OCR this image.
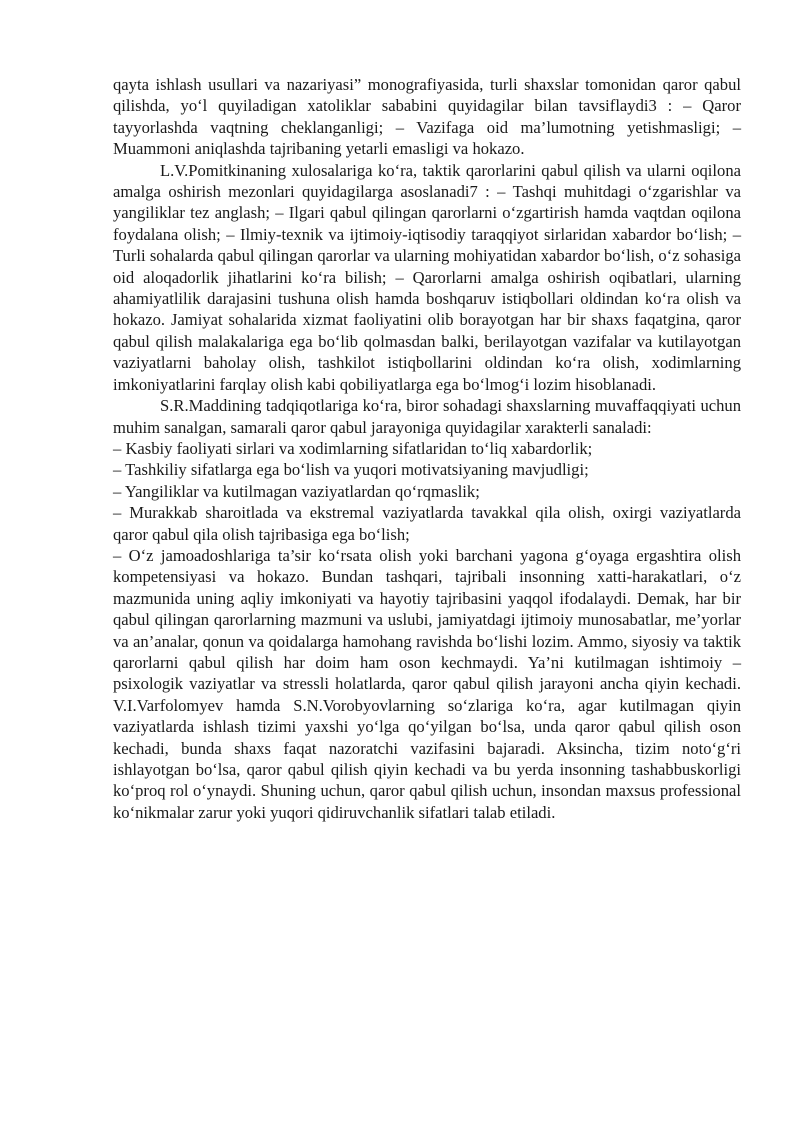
qayta ishlash usullari va nazariyasi” monografiyasida, turli shaxslar tomonidan qaror qabul qilishda, yo‘l quyiladigan xatoliklar sababini quyidagilar bilan tavsiflaydi3 : – Qaror tayyorlashda vaqtning cheklanganligi; – Vazifaga oid ma’lumotning yetishmasligi; – Muammoni aniqlashda tajribaning yetarli emasligi va hokazo.

L.V.Pomitkinaning xulosalariga ko‘ra, taktik qarorlarini qabul qilish va ularni oqilona amalga oshirish mezonlari quyidagilarga asoslanadi7 : – Tashqi muhitdagi o‘zgarishlar va yangiliklar tez anglash; – Ilgari qabul qilingan qarorlarni o‘zgartirish hamda vaqtdan oqilona foydalana olish; – Ilmiy-texnik va ijtimoiy-iqtisodiy taraqqiyot sirlaridan xabardor bo‘lish; – Turli sohalarda qabul qilingan qarorlar va ularning mohiyatidan xabardor bo‘lish, o‘z sohasiga oid aloqadorlik jihatlarini ko‘ra bilish; – Qarorlarni amalga oshirish oqibatlari, ularning ahamiyatlilik darajasini tushuna olish hamda boshqaruv istiqbollari oldindan ko‘ra olish va hokazo. Jamiyat sohalarida xizmat faoliyatini olib borayotgan har bir shaxs faqatgina, qaror qabul qilish malakalariga ega bo‘lib qolmasdan balki, berilayotgan vazifalar va kutilayotgan vaziyatlarni baholay olish, tashkilot istiqbollarini oldindan ko‘ra olish, xodimlarning imkoniyatlarini farqlay olish kabi qobiliyatlarga ega bo‘lmog‘i lozim hisoblanadi.

S.R.Maddining tadqiqotlariga ko‘ra, biror sohadagi shaxslarning muvaffaqqiyati uchun muhim sanalgan, samarali qaror qabul jarayoniga quyidagilar xarakterli sanaladi:

– Kasbiy faoliyati sirlari va xodimlarning sifatlaridan to‘liq xabardorlik;

– Tashkiliy sifatlarga ega bo‘lish va yuqori motivatsiyaning mavjudligi;

– Yangiliklar va kutilmagan vaziyatlardan qo‘rqmaslik;

– Murakkab sharoitlada va ekstremal vaziyatlarda tavakkal qila olish, oxirgi vaziyatlarda qaror qabul qila olish tajribasiga ega bo‘lish;

– O‘z jamoadoshlariga ta’sir ko‘rsata olish yoki barchani yagona g‘oyaga ergashtira olish kompetensiyasi va hokazo. Bundan tashqari, tajribali insonning xatti-harakatlari, o‘z mazmunida uning aqliy imkoniyati va hayotiy tajribasini yaqqol ifodalaydi. Demak, har bir qabul qilingan qarorlarning mazmuni va uslubi, jamiyatdagi ijtimoiy munosabatlar, me’yorlar va an’analar, qonun va qoidalarga hamohang ravishda bo‘lishi lozim. Ammo, siyosiy va taktik qarorlarni qabul qilish har doim ham oson kechmaydi. Ya’ni kutilmagan ishtimoiy – psixologik vaziyatlar va stressli holatlarda, qaror qabul qilish jarayoni ancha qiyin kechadi. V.I.Varfolomyev hamda S.N.Vorobyovlarning so‘zlariga ko‘ra, agar kutilmagan qiyin vaziyatlarda ishlash tizimi yaxshi yo‘lga qo‘yilgan bo‘lsa, unda qaror qabul qilish oson kechadi, bunda shaxs faqat nazoratchi vazifasini bajaradi. Aksincha, tizim noto‘g‘ri ishlayotgan bo‘lsa, qaror qabul qilish qiyin kechadi va bu yerda insonning tashabbuskorligi ko‘proq rol o‘ynaydi. Shuning uchun, qaror qabul qilish uchun, insondan maxsus professional ko‘nikmalar zarur yoki yuqori qidiruvchanlik sifatlari talab etiladi.
